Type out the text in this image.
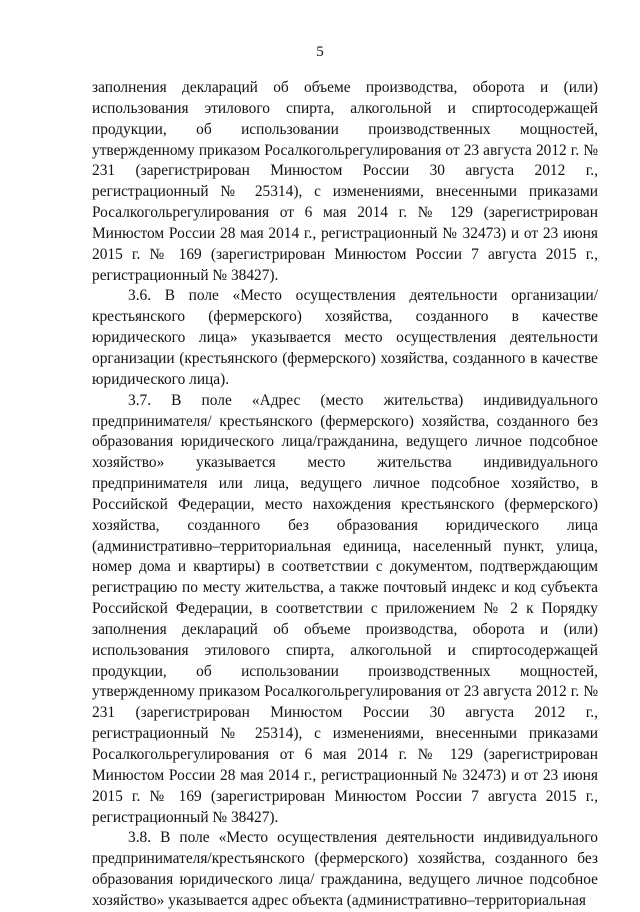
5

заполнения деклараций об объеме производства, оборота и (или) использования этилового спирта, алкогольной и спиртосодержащей продукции, об использовании производственных мощностей, утвержденному приказом Росалкогольрегулирования от 23 августа 2012 г. № 231 (зарегистрирован Минюстом России 30 августа 2012 г., регистрационный № 25314), с изменениями, внесенными приказами Росалкогольрегулирования от 6 мая 2014 г. № 129 (зарегистрирован Минюстом России 28 мая 2014 г., регистрационный № 32473) и от 23 июня 2015 г. № 169 (зарегистрирован Минюстом России 7 августа 2015 г., регистрационный № 38427).

3.6. В поле «Место осуществления деятельности организации/крестьянского (фермерского) хозяйства, созданного в качестве юридического лица» указывается место осуществления деятельности организации (крестьянского (фермерского) хозяйства, созданного в качестве юридического лица).

3.7. В поле «Адрес (место жительства) индивидуального предпринимателя/ крестьянского (фермерского) хозяйства, созданного без образования юридического лица/гражданина, ведущего личное подсобное хозяйство» указывается место жительства индивидуального предпринимателя или лица, ведущего личное подсобное хозяйство, в Российской Федерации, место нахождения крестьянского (фермерского) хозяйства, созданного без образования юридического лица (административно–территориальная единица, населенный пункт, улица, номер дома и квартиры) в соответствии с документом, подтверждающим регистрацию по месту жительства, а также почтовый индекс и код субъекта Российской Федерации, в соответствии с приложением № 2 к Порядку заполнения деклараций об объеме производства, оборота и (или) использования этилового спирта, алкогольной и спиртосодержащей продукции, об использовании производственных мощностей, утвержденному приказом Росалкогольрегулирования от 23 августа 2012 г. № 231 (зарегистрирован Минюстом России 30 августа 2012 г., регистрационный № 25314), с изменениями, внесенными приказами Росалкогольрегулирования от 6 мая 2014 г. № 129 (зарегистрирован Минюстом России 28 мая 2014 г., регистрационный № 32473) и от 23 июня 2015 г. № 169 (зарегистрирован Минюстом России 7 августа 2015 г., регистрационный № 38427).

3.8. В поле «Место осуществления деятельности индивидуального предпринимателя/крестьянского (фермерского) хозяйства, созданного без образования юридического лица/ гражданина, ведущего личное подсобное хозяйство» указывается адрес объекта (административно–территориальная
